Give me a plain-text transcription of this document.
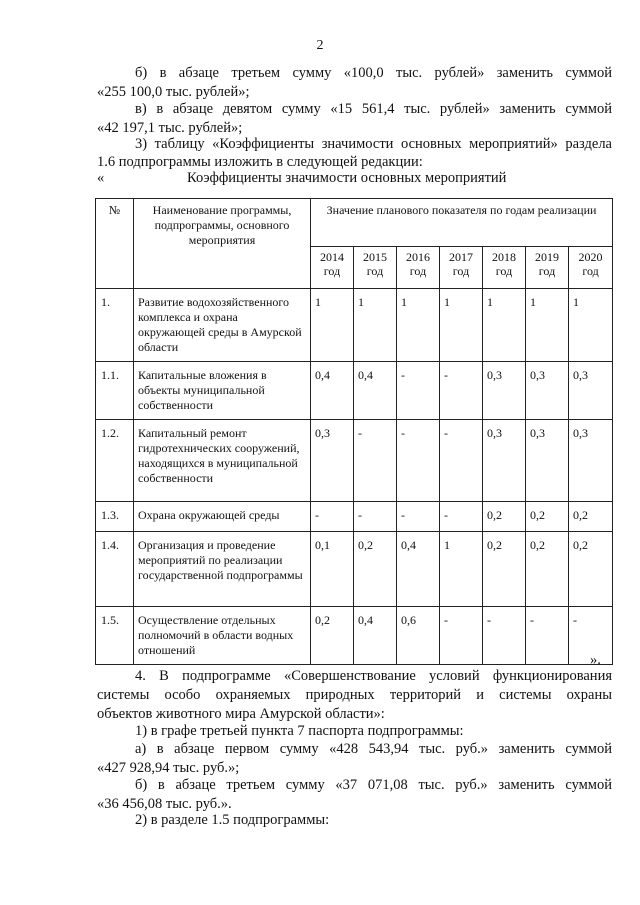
2

б) в абзаце третьем сумму «100,0 тыс. рублей» заменить суммой

«255 100,0 тыс. рублей»;

в) в абзаце девятом сумму «15 561,4 тыс. рублей» заменить суммой

«42 197,1 тыс. рублей»;

3) таблицу «Коэффициенты значимости основных мероприятий» раздела

1.6 подпрограммы изложить в следующей редакции:

«	Коэффициенты значимости основных мероприятий
№	Наименование программы, подпрограммы, основного мероприятия	Значение планового показателя по годам реализации						
		2014 год	2015 год	2016 год	2017 год	2018 год	2019 год	2020 год
1.	Развитие водохозяйственного комплекса и охрана окружающей среды в Амурской области	1	1	1	1	1	1	1
1.1.	Капитальные вложения в объекты муниципальной собственности	0,4	0,4	-	-	0,3	0,3	0,3
1.2.	Капитальный ремонт гидротехнических сооружений, находящихся в муниципальной собственности	0,3	-	-	-	0,3	0,3	0,3
1.3.	Охрана окружающей среды	-	-	-	-	0,2	0,2	0,2
1.4.	Организация и проведение мероприятий по реализации государственной подпрограммы	0,1	0,2	0,4	1	0,2	0,2	0,2
1.5.	Осуществление отдельных полномочий в области водных отношений	0,2	0,4	0,6	-	-	-	-
».

4. В подпрограмме «Совершенствование условий функционирования

системы особо охраняемых природных территорий и системы охраны

объектов животного мира Амурской области»:

1) в графе третьей пункта 7 паспорта подпрограммы:

а) в абзаце первом сумму «428 543,94 тыс. руб.» заменить суммой

«427 928,94 тыс. руб.»;

б) в абзаце третьем сумму «37 071,08 тыс. руб.» заменить суммой

«36 456,08 тыс. руб.».

2) в разделе 1.5 подпрограммы:
